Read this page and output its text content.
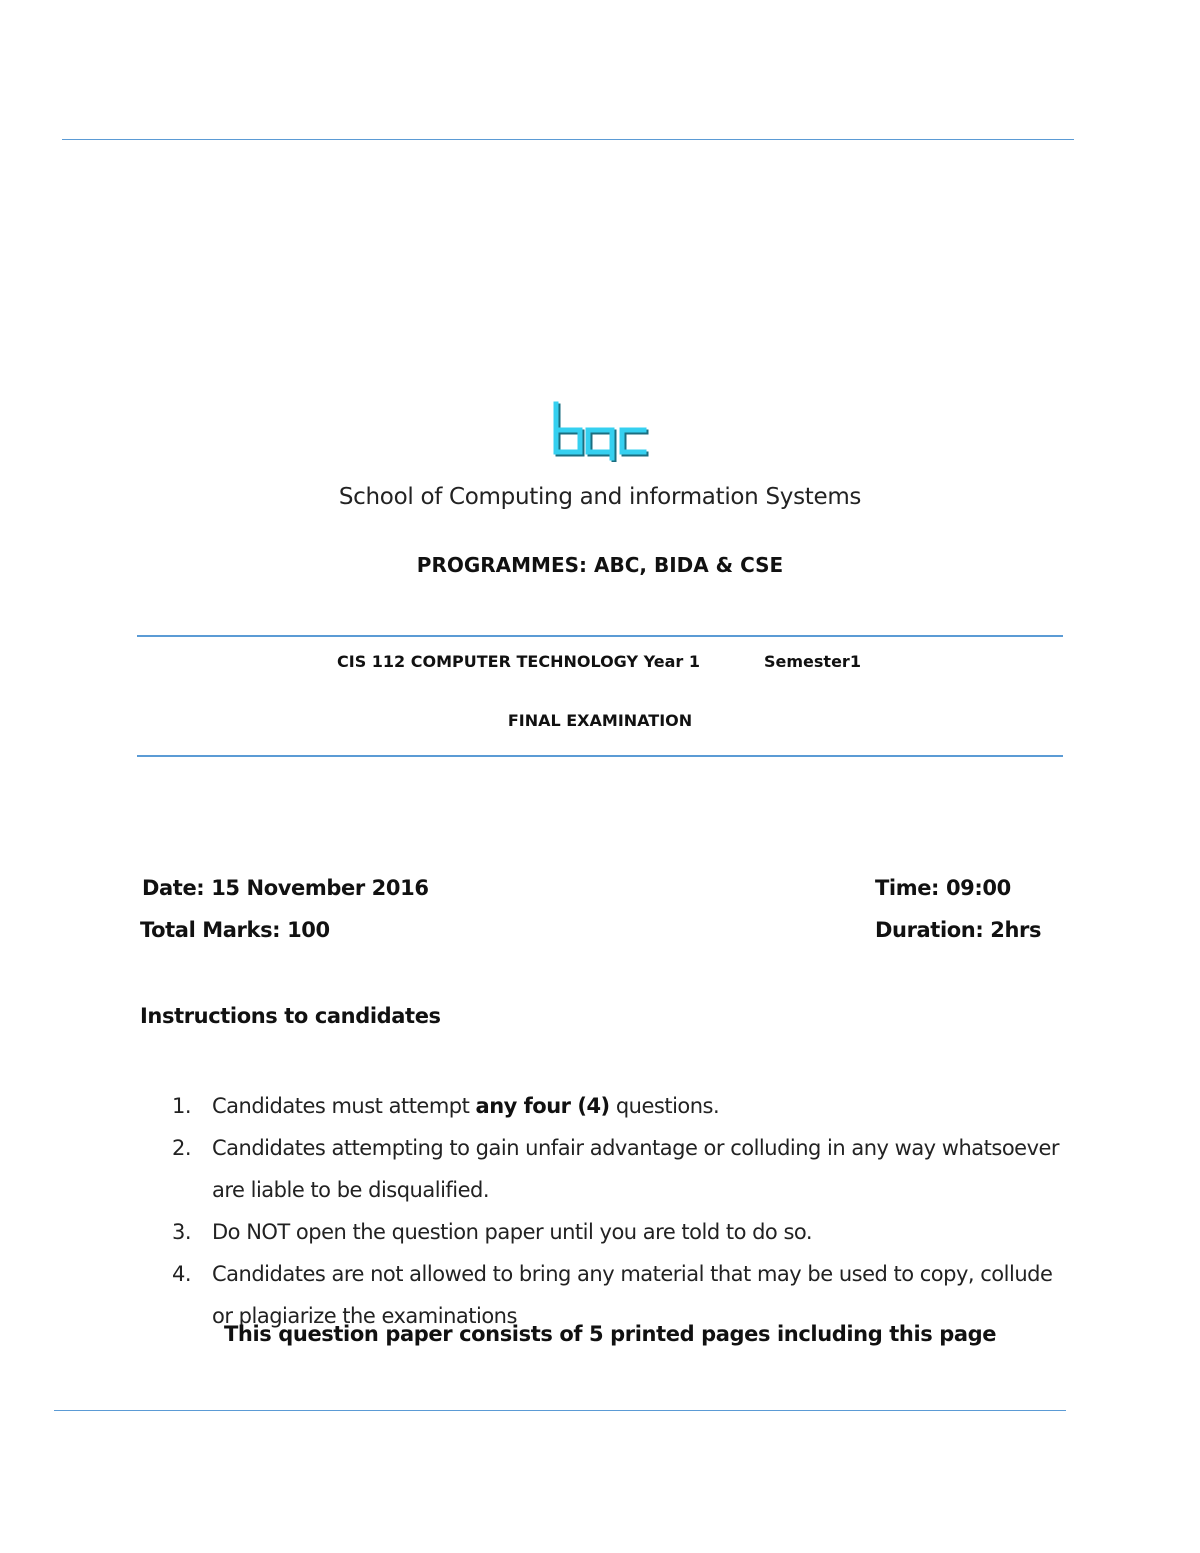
School of Computing and information Systems
PROGRAMMES: ABC, BIDA & CSE
CIS 112 COMPUTER TECHNOLOGY Year 1	Semester1
FINAL EXAMINATION
Date: 15 November 2016	Time: 09:00
Total Marks: 100	Duration: 2hrs
Instructions to candidates
1. Candidates must attempt any four (4) questions.
2. Candidates attempting to gain unfair advantage or colluding in any way whatsoever are liable to be disqualified.
3. Do NOT open the question paper until you are told to do so.
4. Candidates are not allowed to bring any material that may be used to copy, collude or plagiarize the examinations
This question paper consists of 5 printed pages including this page
